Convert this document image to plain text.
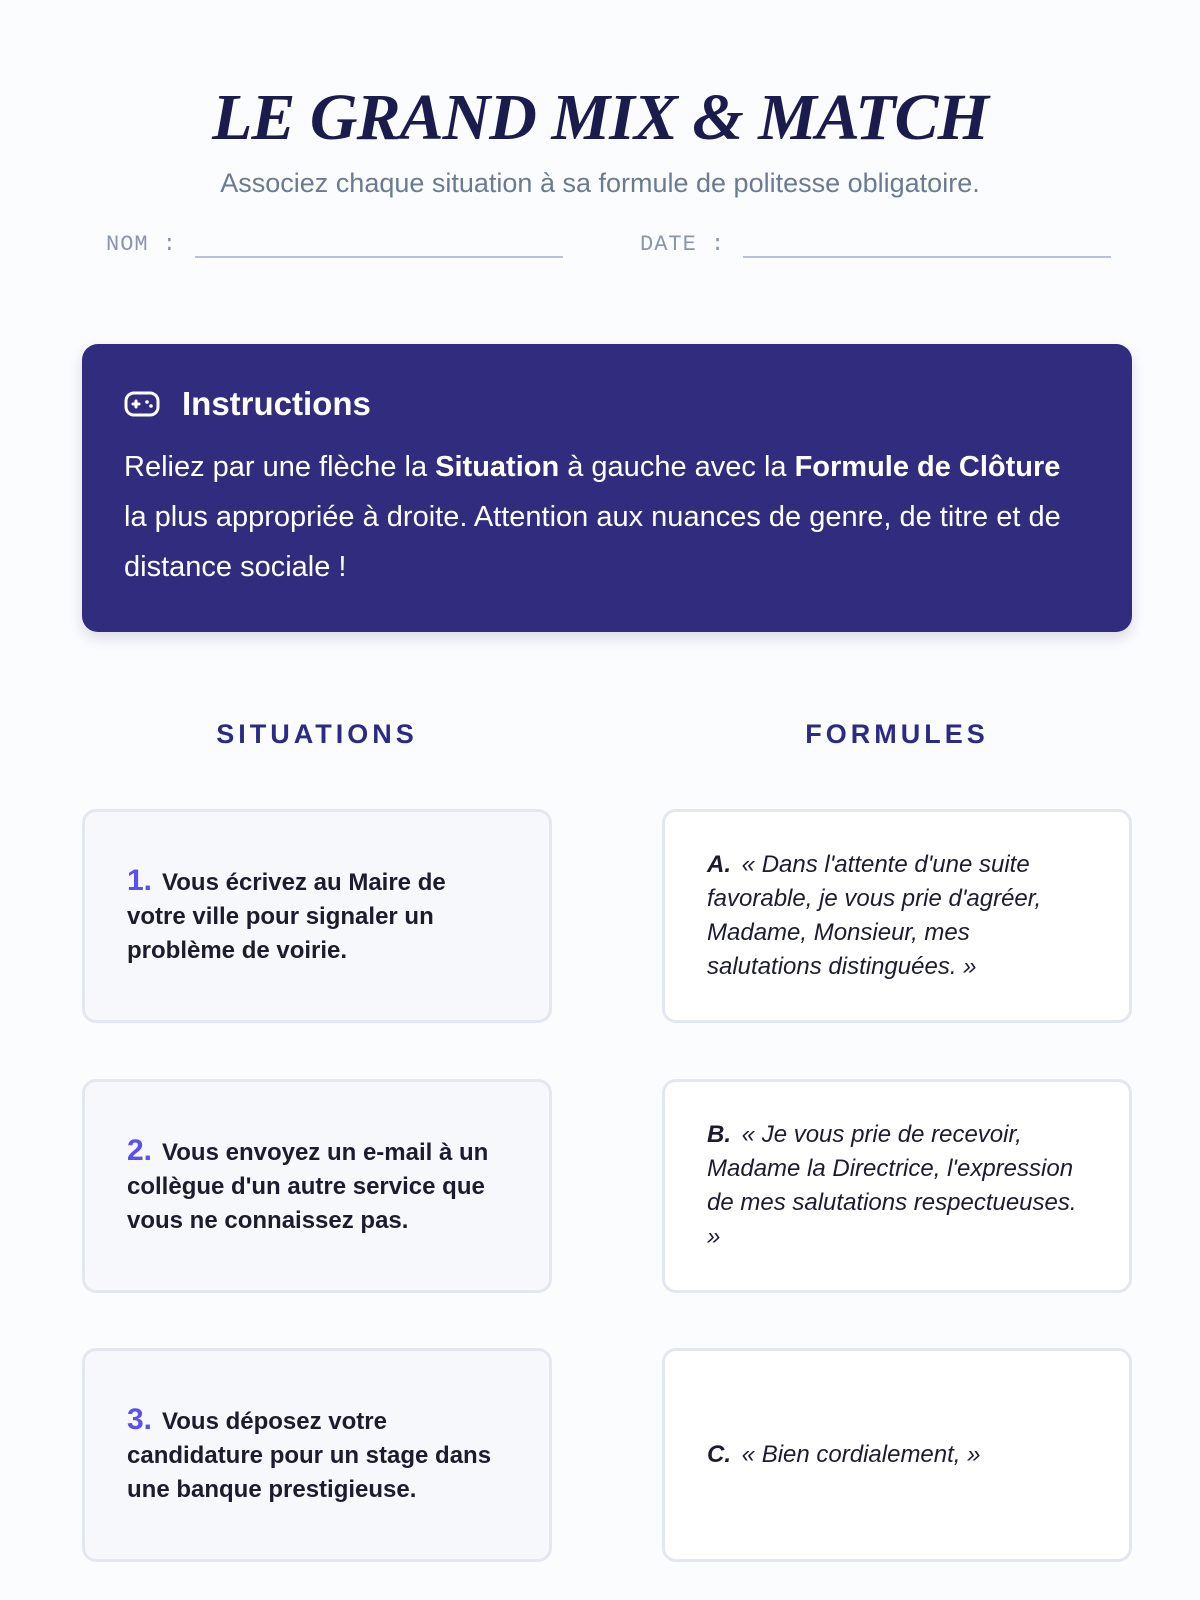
LE GRAND MIX & MATCH

Associez chaque situation à sa formule de politesse obligatoire.

NOM :	DATE :
Instructions

Reliez par une flèche la Situation à gauche avec la Formule de Clôture la plus appropriée à droite. Attention aux nuances de genre, de titre et de distance sociale !

SITUATIONS	FORMULES
1. Vous écrivez au Maire de votre ville pour signaler un problème de voirie.
2. Vous envoyez un e-mail à un collègue d'un autre service que vous ne connaissez pas.
3. Vous déposez votre candidature pour un stage dans une banque prestigieuse.
A. « Dans l'attente d'une suite favorable, je vous prie d'agréer, Madame, Monsieur, mes salutations distinguées. »
B. « Je vous prie de recevoir, Madame la Directrice, l'expression de mes salutations respectueuses. »
C. « Bien cordialement, »
